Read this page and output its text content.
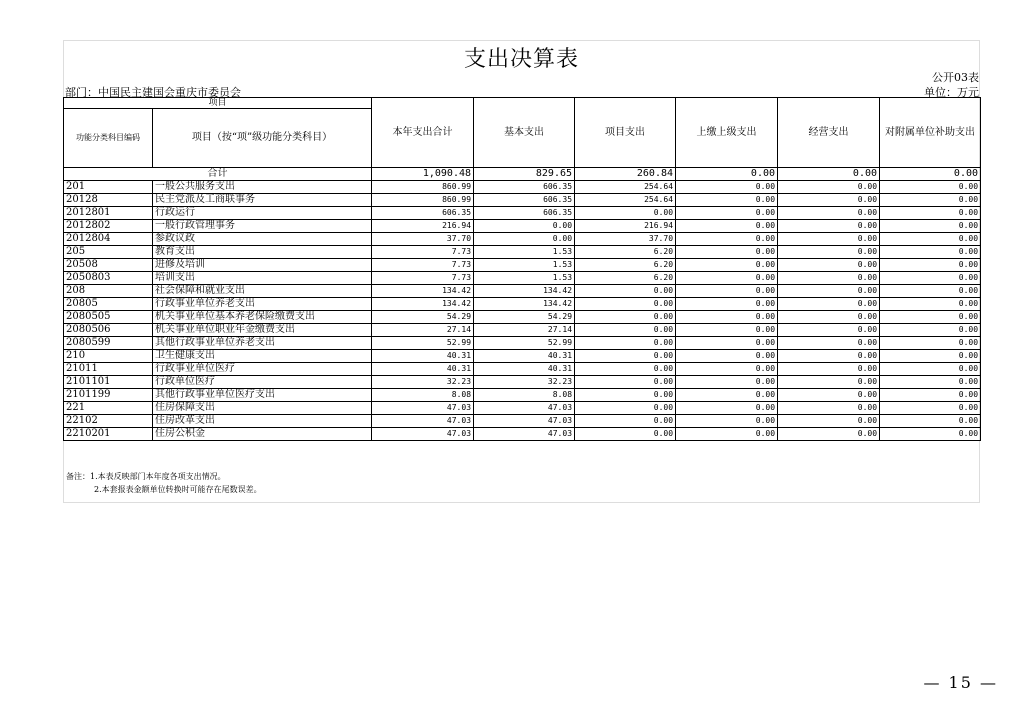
支出决算表
公开03表
部门：中国民主建国会重庆市委员会	单位：万元
项目		本年支出合计	基本支出	项目支出	上缴上级支出	经营支出	对附属单位补助支出
功能分类科目编码	项目（按“项”级功能分类科目）						
合计		1,090.48	829.65	260.84	0.00	0.00	0.00
201	一般公共服务支出	860.99	606.35	254.64	0.00	0.00	0.00
20128	民主党派及工商联事务	860.99	606.35	254.64	0.00	0.00	0.00
2012801	行政运行	606.35	606.35	0.00	0.00	0.00	0.00
2012802	一般行政管理事务	216.94	0.00	216.94	0.00	0.00	0.00
2012804	参政议政	37.70	0.00	37.70	0.00	0.00	0.00
205	教育支出	7.73	1.53	6.20	0.00	0.00	0.00
20508	进修及培训	7.73	1.53	6.20	0.00	0.00	0.00
2050803	培训支出	7.73	1.53	6.20	0.00	0.00	0.00
208	社会保障和就业支出	134.42	134.42	0.00	0.00	0.00	0.00
20805	行政事业单位养老支出	134.42	134.42	0.00	0.00	0.00	0.00
2080505	机关事业单位基本养老保险缴费支出	54.29	54.29	0.00	0.00	0.00	0.00
2080506	机关事业单位职业年金缴费支出	27.14	27.14	0.00	0.00	0.00	0.00
2080599	其他行政事业单位养老支出	52.99	52.99	0.00	0.00	0.00	0.00
210	卫生健康支出	40.31	40.31	0.00	0.00	0.00	0.00
21011	行政事业单位医疗	40.31	40.31	0.00	0.00	0.00	0.00
2101101	行政单位医疗	32.23	32.23	0.00	0.00	0.00	0.00
2101199	其他行政事业单位医疗支出	8.08	8.08	0.00	0.00	0.00	0.00
221	住房保障支出	47.03	47.03	0.00	0.00	0.00	0.00
22102	住房改革支出	47.03	47.03	0.00	0.00	0.00	0.00
2210201	住房公积金	47.03	47.03	0.00	0.00	0.00	0.00
备注：1.本表反映部门本年度各项支出情况。
2.本套报表金额单位转换时可能存在尾数误差。
— 15 —
